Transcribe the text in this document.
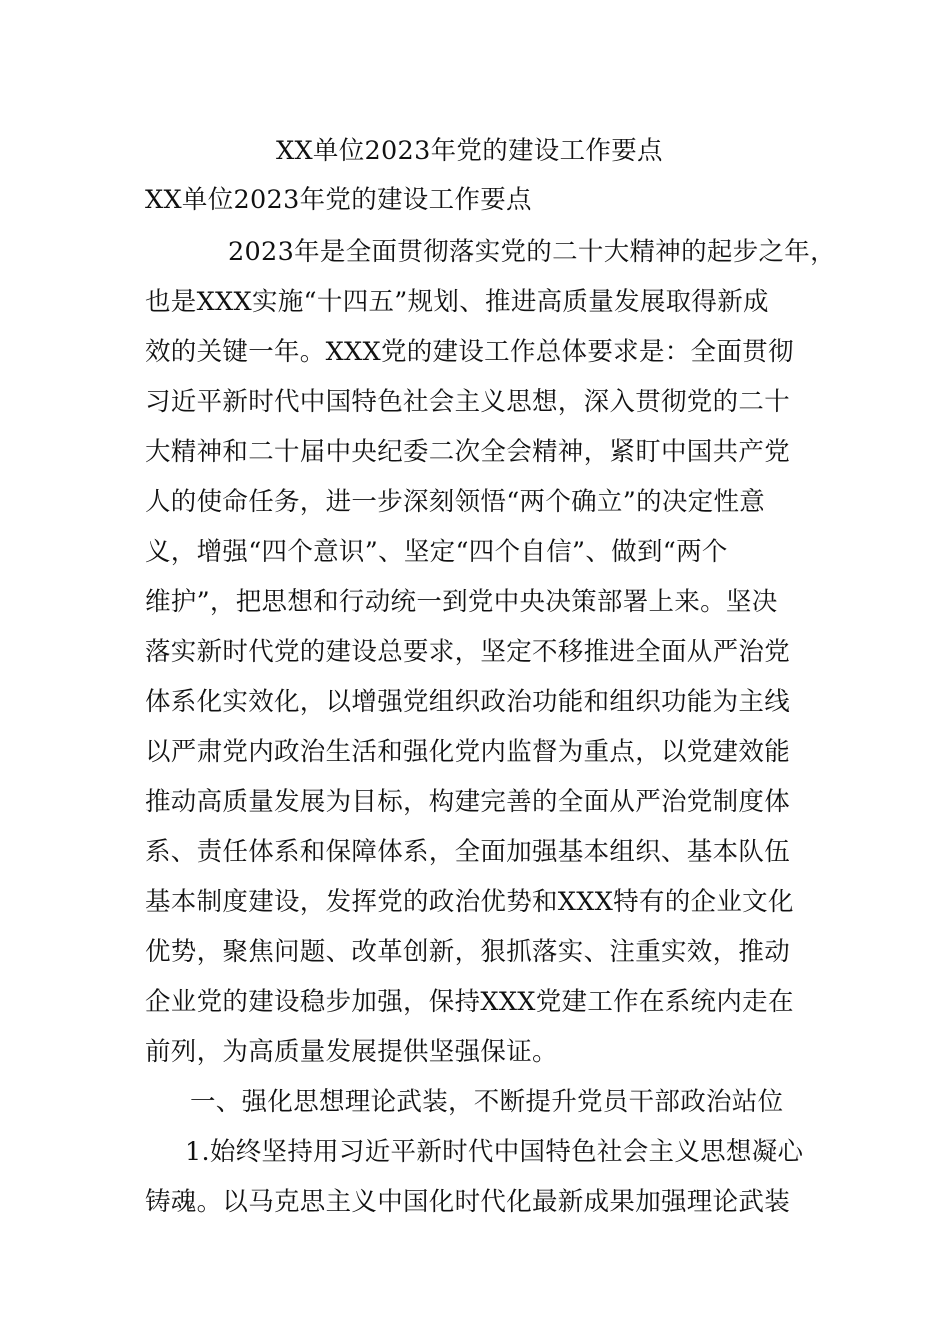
XX单位2023年党的建设工作要点
XX单位2023年党的建设工作要点
2023年是全面贯彻落实党的二十大精神的起步之年，
也是XXX实施“十四五”规划、推进高质量发展取得新成
效的关键一年。XXX党的建设工作总体要求是：全面贯彻
习近平新时代中国特色社会主义思想，深入贯彻党的二十
大精神和二十届中央纪委二次全会精神，紧盯中国共产党
人的使命任务，进一步深刻领悟“两个确立”的决定性意
义，增强“四个意识”、坚定“四个自信”、做到“两个
维护”，把思想和行动统一到党中央决策部署上来。坚决
落实新时代党的建设总要求，坚定不移推进全面从严治党
体系化实效化，以增强党组织政治功能和组织功能为主线
以严肃党内政治生活和强化党内监督为重点，以党建效能
推动高质量发展为目标，构建完善的全面从严治党制度体
系、责任体系和保障体系，全面加强基本组织、基本队伍
基本制度建设，发挥党的政治优势和XXX特有的企业文化
优势，聚焦问题、改革创新，狠抓落实、注重实效，推动
企业党的建设稳步加强，保持XXX党建工作在系统内走在
前列，为高质量发展提供坚强保证。
一、强化思想理论武装，不断提升党员干部政治站位
1.始终坚持用习近平新时代中国特色社会主义思想凝心
铸魂。以马克思主义中国化时代化最新成果加强理论武装
